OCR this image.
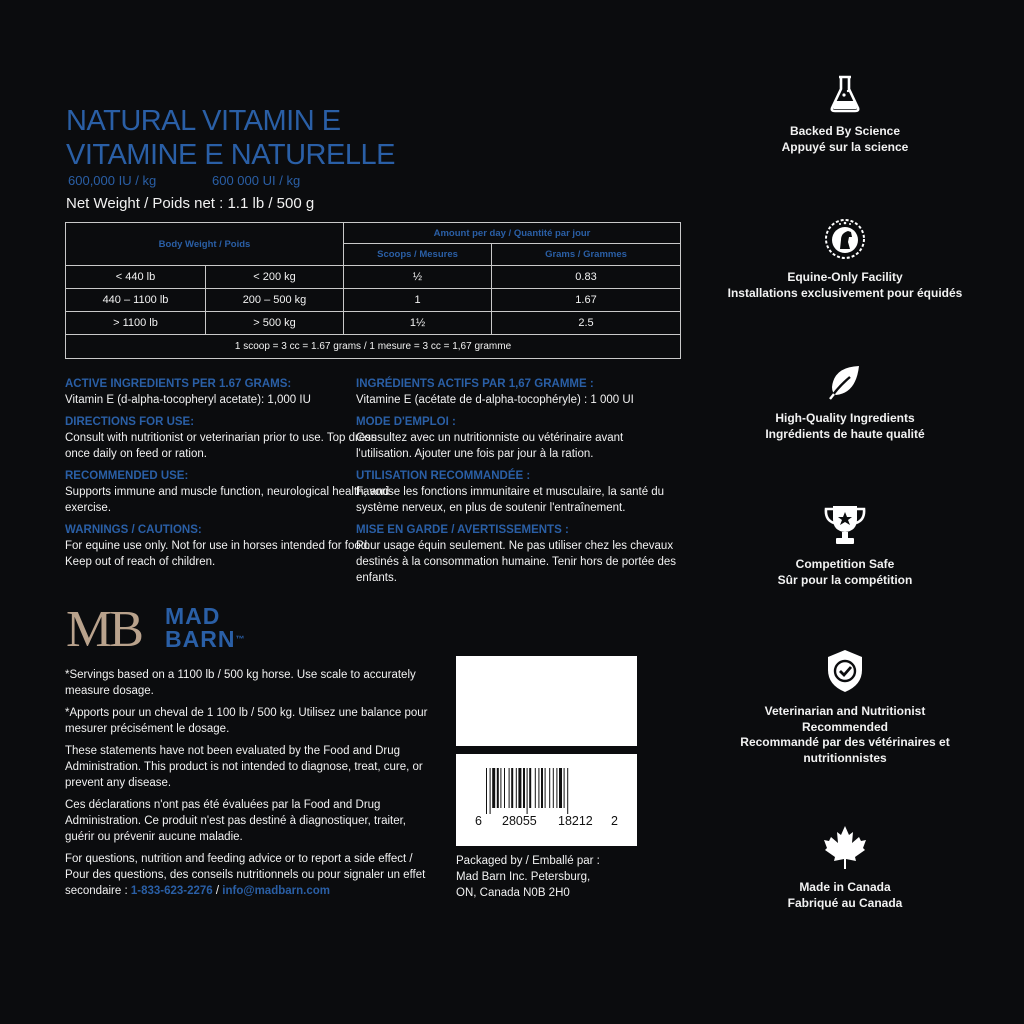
NATURAL VITAMIN E
VITAMINE E NATURELLE
600,000 IU / kg	600 000 UI / kg
Net Weight / Poids net : 1.1 lb / 500 g
Body Weight / Poids		Amount per day / Quantité par jour	
		Scoops / Mesures	Grams / Grammes
< 440 lb	< 200 kg	½	0.83
440 – 1100 lb	200 – 500 kg	1	1.67
> 1100 lb	> 500 kg	1½	2.5
1 scoop = 3 cc = 1.67 grams / 1 mesure = 3 cc = 1,67 gramme			

ACTIVE INGREDIENTS PER 1.67 GRAMS:

Vitamin E (d-alpha-tocopheryl acetate): 1,000 IU

DIRECTIONS FOR USE:

Consult with nutritionist or veterinarian prior to use. Top dress once daily on feed or ration.

RECOMMENDED USE:

Supports immune and muscle function, neurological health, and exercise.

WARNINGS / CAUTIONS:

For equine use only. Not for use in horses intended for food. Keep out of reach of children.

INGRÉDIENTS ACTIFS PAR 1,67 GRAMME :

Vitamine E (acétate de d-alpha-tocophéryle) : 1 000 UI

MODE D'EMPLOI :

Consultez avec un nutritionniste ou vétérinaire avant l'utilisation. Ajouter une fois par jour à la ration.

UTILISATION RECOMMANDÉE :

Favorise les fonctions immunitaire et musculaire, la santé du système nerveux, en plus de soutenir l'entraînement.

MISE EN GARDE / AVERTISSEMENTS :

Pour usage équin seulement. Ne pas utiliser chez les chevaux destinés à la consommation humaine. Tenir hors de portée des enfants.

MB MAD
BARN™

*Servings based on a 1100 lb / 500 kg horse. Use scale to accurately measure dosage.

*Apports pour un cheval de 1 100 lb / 500 kg. Utilisez une balance pour mesurer précisément le dosage.

These statements have not been evaluated by the Food and Drug Administration. This product is not intended to diagnose, treat, cure, or prevent any disease.

Ces déclarations n'ont pas été évaluées par la Food and Drug Administration. Ce produit n'est pas destiné à diagnostiquer, traiter, guérir ou prévenir aucune maladie.

For questions, nutrition and feeding advice or to report a side effect / Pour des questions, des conseils nutritionnels ou pour signaler un effet secondaire : 1-833-623-2276 / info@madbarn.com

6 28055 18212 2
Packaged by / Emballé par :
Mad Barn Inc. Petersburg,
ON, Canada N0B 2H0
Backed By Science
Appuyé sur la science
Equine-Only Facility
Installations exclusivement pour équidés
High-Quality Ingredients
Ingrédients de haute qualité
Competition Safe
Sûr pour la compétition
Veterinarian and Nutritionist Recommended
Recommandé par des vétérinaires et nutritionnistes
Made in Canada
Fabriqué au Canada
